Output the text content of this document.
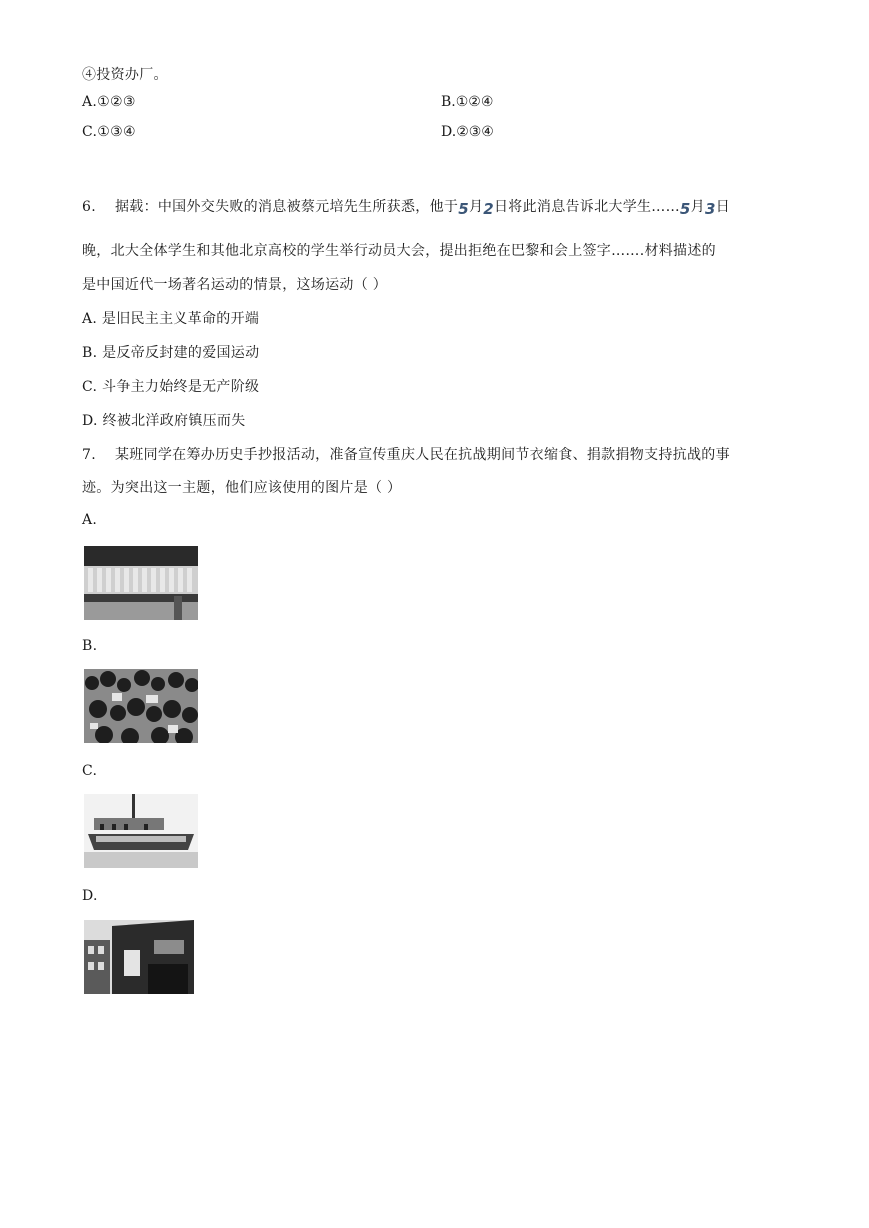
④投资办厂。
A.①②③	B.①②④
C.①③④	D.②③④
6. 据载：中国外交失败的消息被蔡元培先生所获悉，他于5月2日将此消息告诉北大学生……5月3日
晚，北大全体学生和其他北京高校的学生举行动员大会，提出拒绝在巴黎和会上签字…….材料描述的
是中国近代一场著名运动的情景，这场运动（ ）
A. 是旧民主主义革命的开端
B. 是反帝反封建的爱国运动
C. 斗争主力始终是无产阶级
D. 终被北洋政府镇压而失
7. 某班同学在筹办历史手抄报活动，准备宣传重庆人民在抗战期间节衣缩食、捐款捐物支持抗战的事
迹。为突出这一主题，他们应该使用的图片是（ ）
A.
B.
C.
D.
